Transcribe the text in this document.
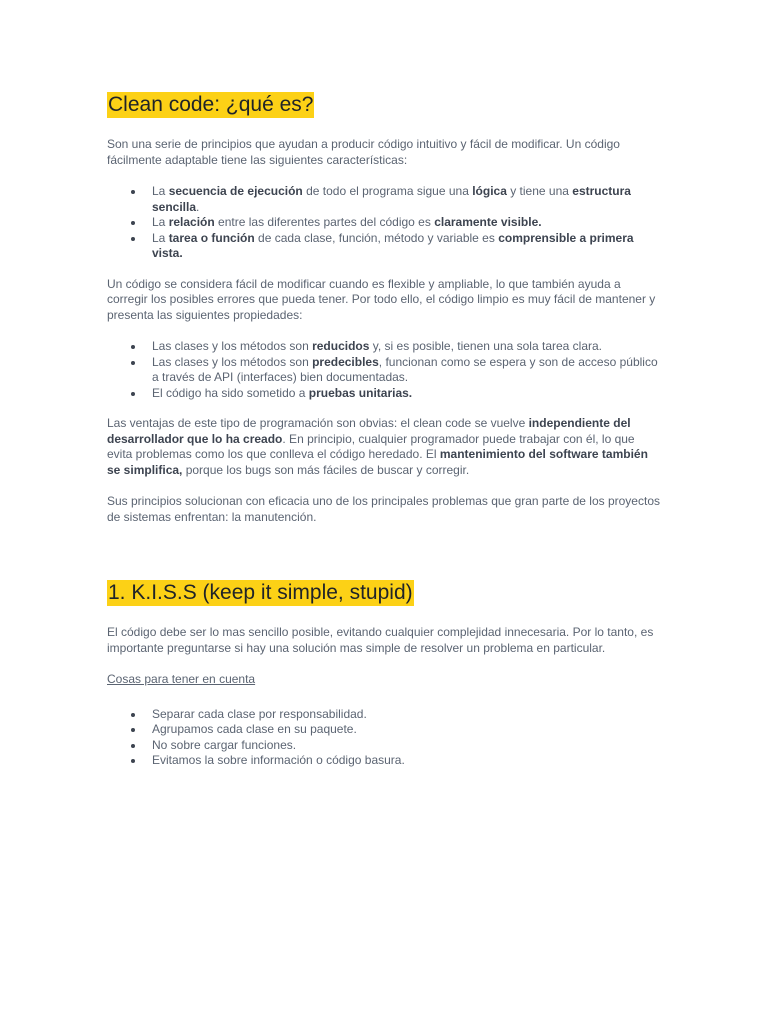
Clean code: ¿qué es?

Son una serie de principios que ayudan a producir código intuitivo y fácil de modificar. Un código fácilmente adaptable tiene las siguientes características:

La secuencia de ejecución de todo el programa sigue una lógica y tiene una estructura sencilla.
La relación entre las diferentes partes del código es claramente visible.
La tarea o función de cada clase, función, método y variable es comprensible a primera vista.

Un código se considera fácil de modificar cuando es flexible y ampliable, lo que también ayuda a corregir los posibles errores que pueda tener. Por todo ello, el código limpio es muy fácil de mantener y presenta las siguientes propiedades:

Las clases y los métodos son reducidos y, si es posible, tienen una sola tarea clara.
Las clases y los métodos son predecibles, funcionan como se espera y son de acceso público a través de API (interfaces) bien documentadas.
El código ha sido sometido a pruebas unitarias.

Las ventajas de este tipo de programación son obvias: el clean code se vuelve independiente del desarrollador que lo ha creado. En principio, cualquier programador puede trabajar con él, lo que evita problemas como los que conlleva el código heredado. El mantenimiento del software también se simplifica, porque los bugs son más fáciles de buscar y corregir.

Sus principios solucionan con eficacia uno de los principales problemas que gran parte de los proyectos de sistemas enfrentan: la manutención.

1. K.I.S.S (keep it simple, stupid)

El código debe ser lo mas sencillo posible, evitando cualquier complejidad innecesaria. Por lo tanto, es importante preguntarse si hay una solución mas simple de resolver un problema en particular.

Cosas para tener en cuenta

Separar cada clase por responsabilidad.
Agrupamos cada clase en su paquete.
No sobre cargar funciones.
Evitamos la sobre información o código basura.
